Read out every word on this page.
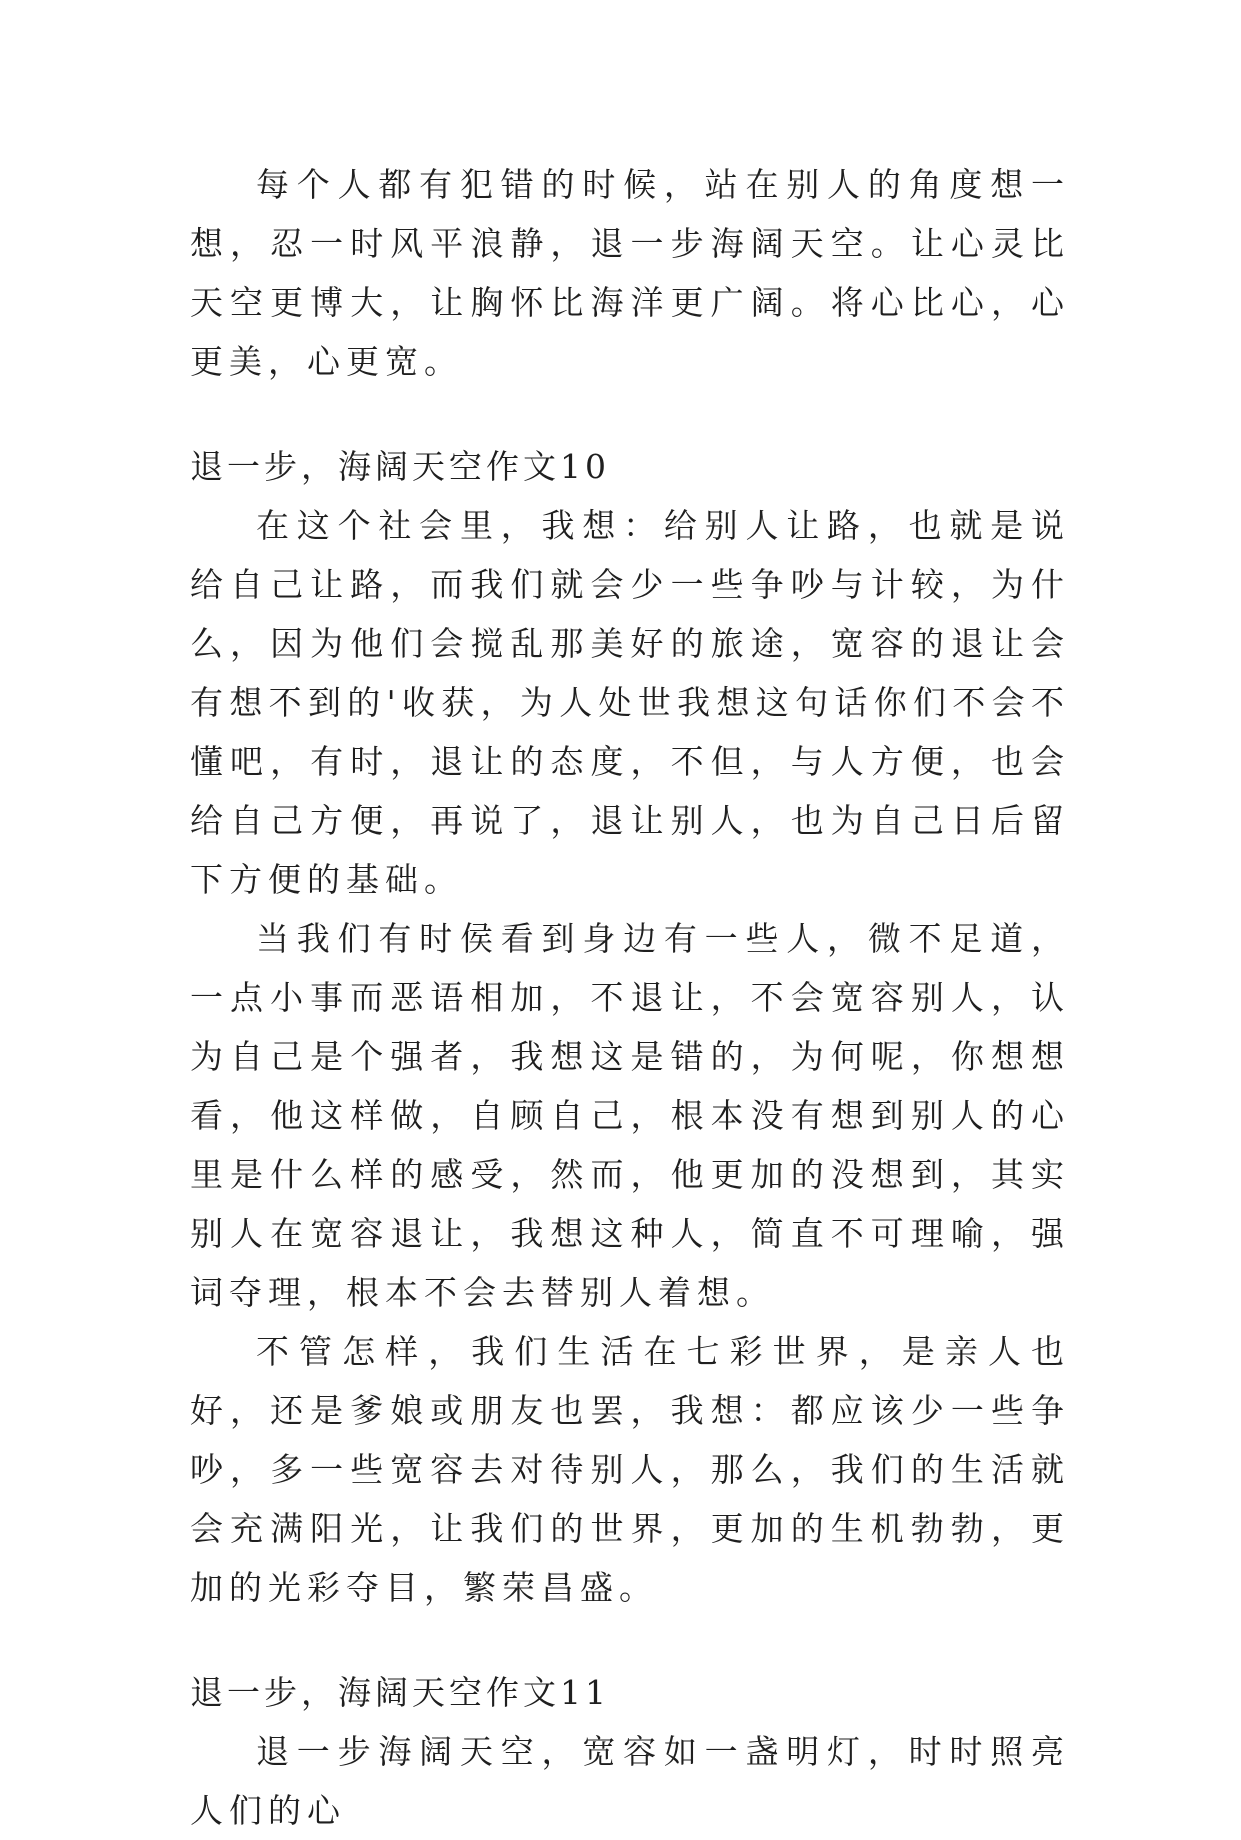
每个人都有犯错的时候，站在别人的角度想一想，忍一时风平浪静，退一步海阔天空。让心灵比天空更博大，让胸怀比海洋更广阔。将心比心，心更美，心更宽。

退一步，海阔天空作文10

在这个社会里，我想：给别人让路，也就是说给自己让路，而我们就会少一些争吵与计较，为什么，因为他们会搅乱那美好的旅途，宽容的退让会有想不到的'收获，为人处世我想这句话你们不会不懂吧，有时，退让的态度，不但，与人方便，也会给自己方便，再说了，退让别人，也为自己日后留下方便的基础。

当我们有时侯看到身边有一些人，微不足道，一点小事而恶语相加，不退让，不会宽容别人，认为自己是个强者，我想这是错的，为何呢，你想想看，他这样做，自顾自己，根本没有想到别人的心里是什么样的感受，然而，他更加的没想到，其实别人在宽容退让，我想这种人，简直不可理喻，强词夺理，根本不会去替别人着想。

不管怎样，我们生活在七彩世界，是亲人也好，还是爹娘或朋友也罢，我想：都应该少一些争吵，多一些宽容去对待别人，那么，我们的生活就会充满阳光，让我们的世界，更加的生机勃勃，更加的光彩夺目，繁荣昌盛。

退一步，海阔天空作文11

退一步海阔天空，宽容如一盏明灯，时时照亮人们的心
